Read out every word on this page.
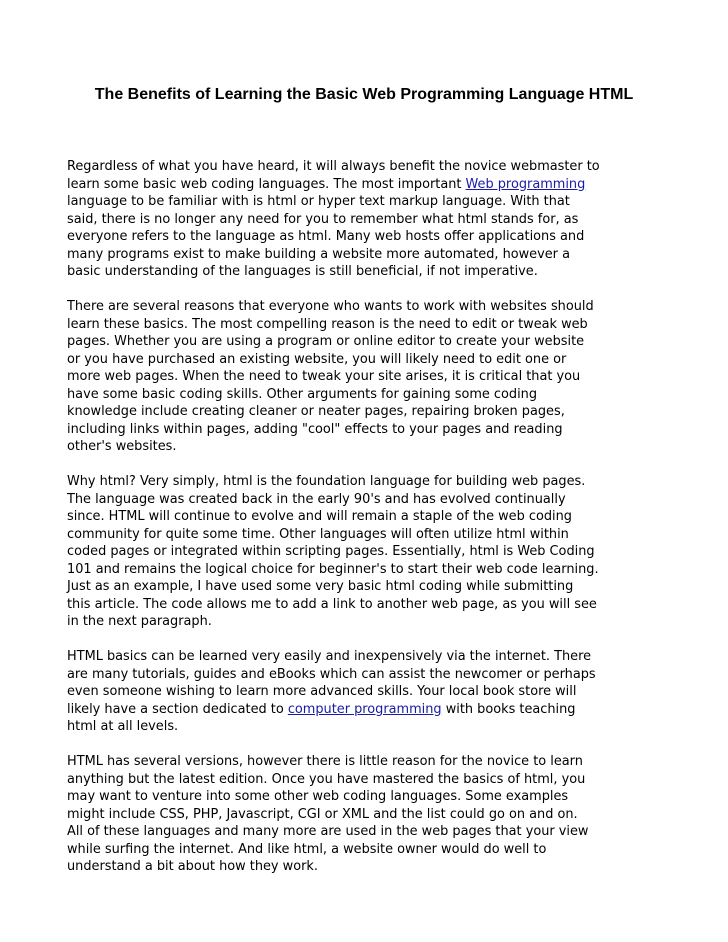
The Benefits of Learning the Basic Web Programming Language HTML

Regardless of what you have heard, it will always benefit the novice webmaster to
learn some basic web coding languages. The most important Web programming
language to be familiar with is html or hyper text markup language. With that
said, there is no longer any need for you to remember what html stands for, as
everyone refers to the language as html. Many web hosts offer applications and
many programs exist to make building a website more automated, however a
basic understanding of the languages is still beneficial, if not imperative.

There are several reasons that everyone who wants to work with websites should
learn these basics. The most compelling reason is the need to edit or tweak web
pages. Whether you are using a program or online editor to create your website
or you have purchased an existing website, you will likely need to edit one or
more web pages. When the need to tweak your site arises, it is critical that you
have some basic coding skills. Other arguments for gaining some coding
knowledge include creating cleaner or neater pages, repairing broken pages,
including links within pages, adding "cool" effects to your pages and reading
other's websites.

Why html? Very simply, html is the foundation language for building web pages.
The language was created back in the early 90's and has evolved continually
since. HTML will continue to evolve and will remain a staple of the web coding
community for quite some time. Other languages will often utilize html within
coded pages or integrated within scripting pages. Essentially, html is Web Coding
101 and remains the logical choice for beginner's to start their web code learning.
Just as an example, I have used some very basic html coding while submitting
this article. The code allows me to add a link to another web page, as you will see
in the next paragraph.

HTML basics can be learned very easily and inexpensively via the internet. There
are many tutorials, guides and eBooks which can assist the newcomer or perhaps
even someone wishing to learn more advanced skills. Your local book store will
likely have a section dedicated to computer programming with books teaching
html at all levels.

HTML has several versions, however there is little reason for the novice to learn
anything but the latest edition. Once you have mastered the basics of html, you
may want to venture into some other web coding languages. Some examples
might include CSS, PHP, Javascript, CGI or XML and the list could go on and on.
All of these languages and many more are used in the web pages that your view
while surfing the internet. And like html, a website owner would do well to
understand a bit about how they work.
